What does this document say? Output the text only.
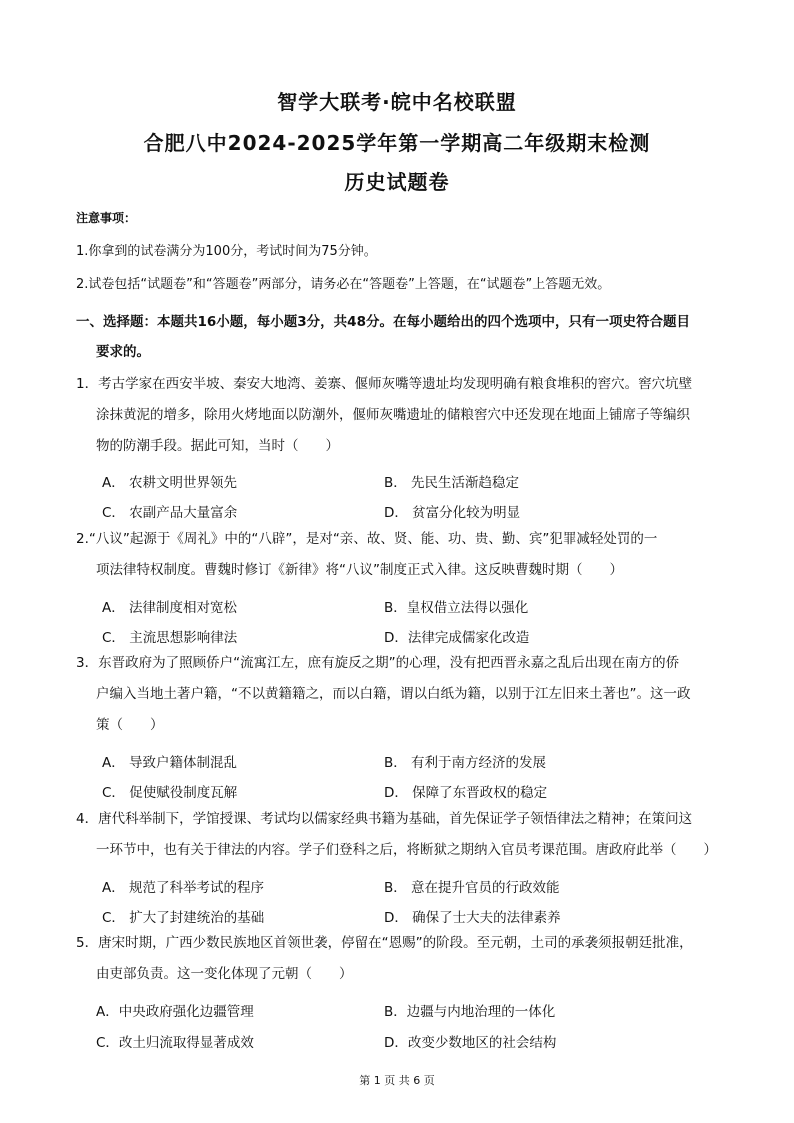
智学大联考·皖中名校联盟
合肥八中2024-2025学年第一学期高二年级期末检测
历史试题卷
注意事项：
1.你拿到的试卷满分为100分，考试时间为75分钟。
2.试卷包括“试题卷”和“答题卷”两部分，请务必在“答题卷”上答题，在“试题卷”上答题无效。
一、选择题：本题共16小题，每小题3分，共48分。在每小题给出的四个选项中，只有一项史符合题目
要求的。
1．考古学家在西安半坡、秦安大地湾、姜寨、偃师灰嘴等遗址均发现明确有粮食堆积的窖穴。窖穴坑壁
涂抹黄泥的增多，除用火烤地面以防潮外，偃师灰嘴遗址的储粮窖穴中还发现在地面上铺席子等编织
物的防潮手段。据此可知，当时（　　）
A． 农耕文明世界领先	B． 先民生活渐趋稳定
C． 农副产品大量富余	D． 贫富分化较为明显
2.“八议”起源于《周礼》中的“八辟”，是对“亲、故、贤、能、功、贵、勤、宾”犯罪减轻处罚的一
项法律特权制度。曹魏时修订《新律》将“八议”制度正式入律。这反映曹魏时期（　　）
A． 法律制度相对宽松	B．皇权借立法得以强化
C． 主流思想影响律法	D．法律完成儒家化改造
3．东晋政府为了照顾侨户“流寓江左，庶有旋反之期”的心理，没有把西晋永嘉之乱后出现在南方的侨
户编入当地土著户籍，“不以黄籍籍之，而以白籍，谓以白纸为籍，以别于江左旧来土著也”。这一政
策（　　）
A． 导致户籍体制混乱	B． 有利于南方经济的发展
C． 促使赋役制度瓦解	D． 保障了东晋政权的稳定
4．唐代科举制下，学馆授课、考试均以儒家经典书籍为基础，首先保证学子领悟律法之精神；在策问这
一环节中，也有关于律法的内容。学子们登科之后，将断狱之期纳入官员考课范围。唐政府此举（　　）
A． 规范了科举考试的程序	B． 意在提升官员的行政效能
C． 扩大了封建统治的基础	D． 确保了士大夫的法律素养
5．唐宋时期，广西少数民族地区首领世袭，停留在“恩赐”的阶段。至元朝，土司的承袭须报朝廷批准，
由吏部负责。这一变化体现了元朝（　　）
A．中央政府强化边疆管理	B．边疆与内地治理的一体化
C．改土归流取得显著成效	D．改变少数地区的社会结构
第 1 页 共 6 页
